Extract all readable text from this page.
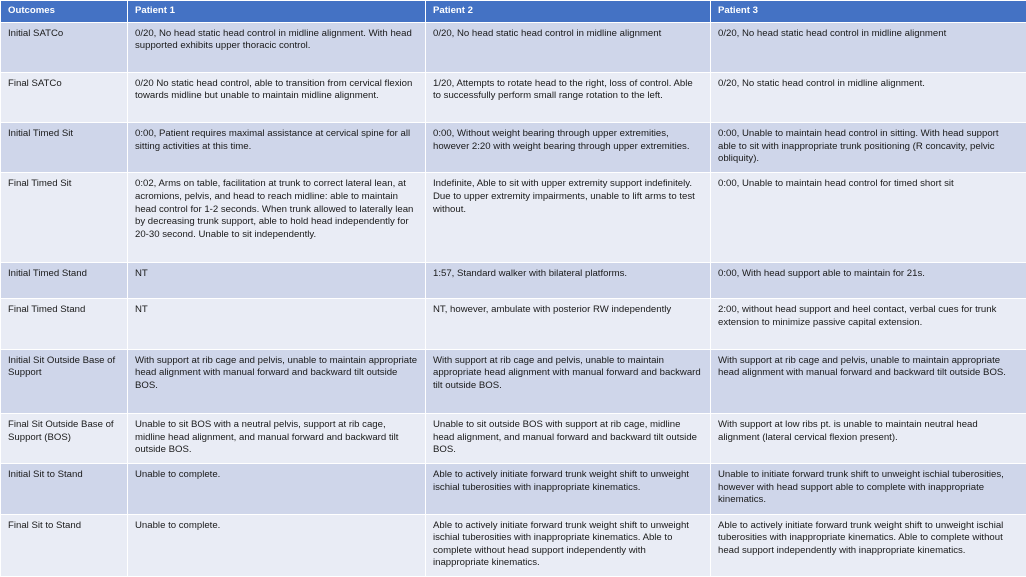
Outcomes	Patient 1	Patient 2	Patient 3
Initial SATCo	0/20, No head static head control in midline alignment. With head supported exhibits upper thoracic control.	0/20, No head static head control in midline alignment	0/20, No head static head control in midline alignment
Final SATCo	0/20 No static head control, able to transition from cervical flexion towards midline but unable to maintain midline alignment.	1/20, Attempts to rotate head to the right, loss of control. Able to successfully perform small range rotation to the left.	0/20, No static head control in midline alignment.
Initial Timed Sit	0:00, Patient requires maximal assistance at cervical spine for all sitting activities at this time.	0:00, Without weight bearing through upper extremities, however 2:20 with weight bearing through upper extremities.	0:00, Unable to maintain head control in sitting. With head support able to sit with inappropriate trunk positioning (R concavity, pelvic obliquity).
Final Timed Sit	0:02, Arms on table, facilitation at trunk to correct lateral lean, at acromions, pelvis, and head to reach midline: able to maintain head control for 1-2 seconds. When trunk allowed to laterally lean by decreasing trunk support, able to hold head independently for 20-30 second. Unable to sit independently.	Indefinite, Able to sit with upper extremity support indefinitely. Due to upper extremity impairments, unable to lift arms to test without.	0:00, Unable to maintain head control for timed short sit
Initial Timed Stand	NT	1:57, Standard walker with bilateral platforms.	0:00, With head support able to maintain for 21s.
Final Timed Stand	NT	NT, however, ambulate with posterior RW independently	2:00, without head support and heel contact, verbal cues for trunk extension to minimize passive capital extension.
Initial Sit Outside Base of Support	With support at rib cage and pelvis, unable to maintain appropriate head alignment with manual forward and backward tilt outside BOS.	With support at rib cage and pelvis, unable to maintain appropriate head alignment with manual forward and backward tilt outside BOS.	With support at rib cage and pelvis, unable to maintain appropriate head alignment with manual forward and backward tilt outside BOS.
Final Sit Outside Base of Support (BOS)	Unable to sit BOS with a neutral pelvis, support at rib cage, midline head alignment, and manual forward and backward tilt outside BOS.	Unable to sit outside BOS with support at rib cage, midline head alignment, and manual forward and backward tilt outside BOS.	With support at low ribs pt. is unable to maintain neutral head alignment (lateral cervical flexion present).
Initial Sit to Stand	Unable to complete.	Able to actively initiate forward trunk weight shift to unweight ischial tuberosities with inappropriate kinematics.	Unable to initiate forward trunk shift to unweight ischial tuberosities, however with head support able to complete with inappropriate kinematics.
Final Sit to Stand	Unable to complete.	Able to actively initiate forward trunk weight shift to unweight ischial tuberosities with inappropriate kinematics. Able to complete without head support independently with inappropriate kinematics.	Able to actively initiate forward trunk weight shift to unweight ischial tuberosities with inappropriate kinematics. Able to complete without head support independently with inappropriate kinematics.
